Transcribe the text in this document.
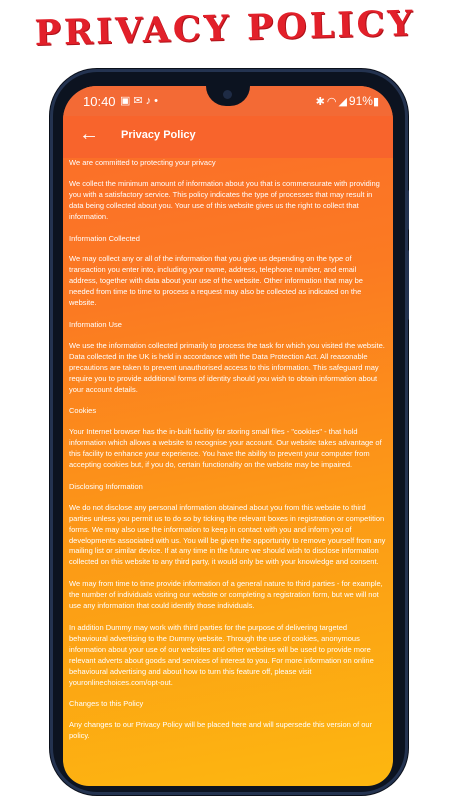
PRIVACY POLICY
10:40 ▣✉♪•	✱◠◢91%▮
← Privacy Policy
We are committed to protecting your privacy
We collect the minimum amount of information about you that is commensurate with providing you with a satisfactory service. This policy indicates the type of processes that may result in data being collected about you. Your use of this website gives us the right to collect that information.
Information Collected
We may collect any or all of the information that you give us depending on the type of transaction you enter into, including your name, address, telephone number, and email address, together with data about your use of the website. Other information that may be needed from time to time to process a request may also be collected as indicated on the website.
Information Use
We use the information collected primarily to process the task for which you visited the website. Data collected in the UK is held in accordance with the Data Protection Act. All reasonable precautions are taken to prevent unauthorised access to this information. This safeguard may require you to provide additional forms of identity should you wish to obtain information about your account details.
Cookies
Your Internet browser has the in-built facility for storing small files - "cookies" - that hold information which allows a website to recognise your account. Our website takes advantage of this facility to enhance your experience. You have the ability to prevent your computer from accepting cookies but, if you do, certain functionality on the website may be impaired.
Disclosing Information
We do not disclose any personal information obtained about you from this website to third parties unless you permit us to do so by ticking the relevant boxes in registration or competition forms. We may also use the information to keep in contact with you and inform you of developments associated with us. You will be given the opportunity to remove yourself from any mailing list or similar device. If at any time in the future we should wish to disclose information collected on this website to any third party, it would only be with your knowledge and consent.
We may from time to time provide information of a general nature to third parties - for example, the number of individuals visiting our website or completing a registration form, but we will not use any information that could identify those individuals.
In addition Dummy may work with third parties for the purpose of delivering targeted behavioural advertising to the Dummy website. Through the use of cookies, anonymous information about your use of our websites and other websites will be used to provide more relevant adverts about goods and services of interest to you. For more information on online behavioural advertising and about how to turn this feature off, please visit youronlinechoices.com/opt-out.
Changes to this Policy
Any changes to our Privacy Policy will be placed here and will supersede this version of our policy.
